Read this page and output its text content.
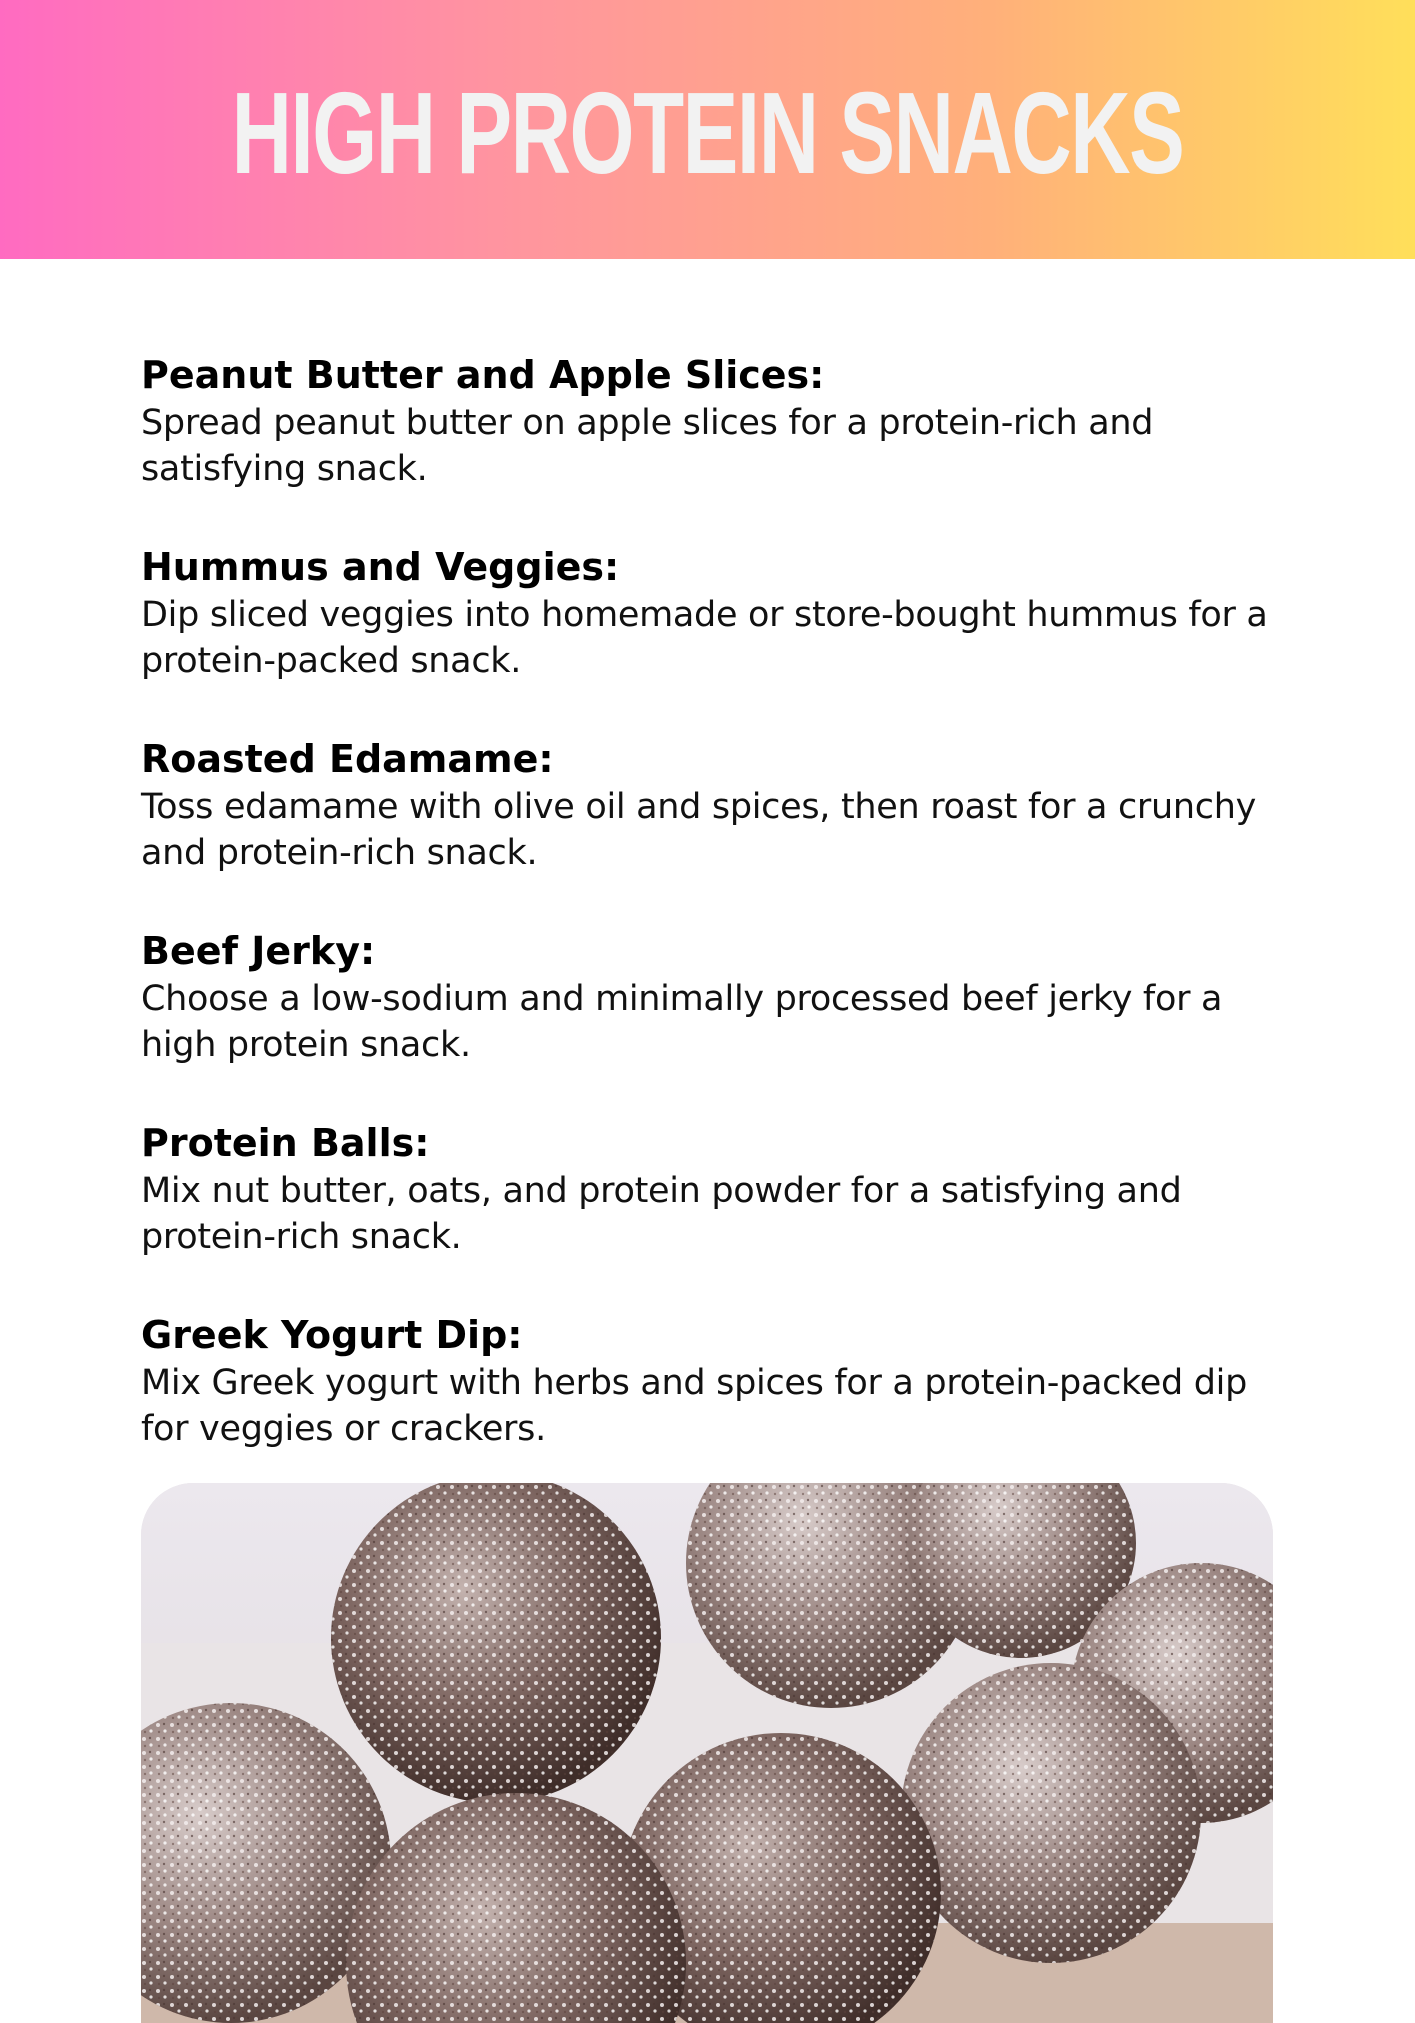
HIGH PROTEIN SNACKS

Peanut Butter and Apple Slices:

Spread peanut butter on apple slices for a protein-rich and satisfying snack.

Hummus and Veggies:

Dip sliced veggies into homemade or store-bought hummus for a protein-packed snack.

Roasted Edamame:

Toss edamame with olive oil and spices, then roast for a crunchy and protein-rich snack.

Beef Jerky:

Choose a low-sodium and minimally processed beef jerky for a high protein snack.

Protein Balls:

Mix nut butter, oats, and protein powder for a satisfying and protein-rich snack.

Greek Yogurt Dip:

Mix Greek yogurt with herbs and spices for a protein-packed dip for veggies or crackers.
